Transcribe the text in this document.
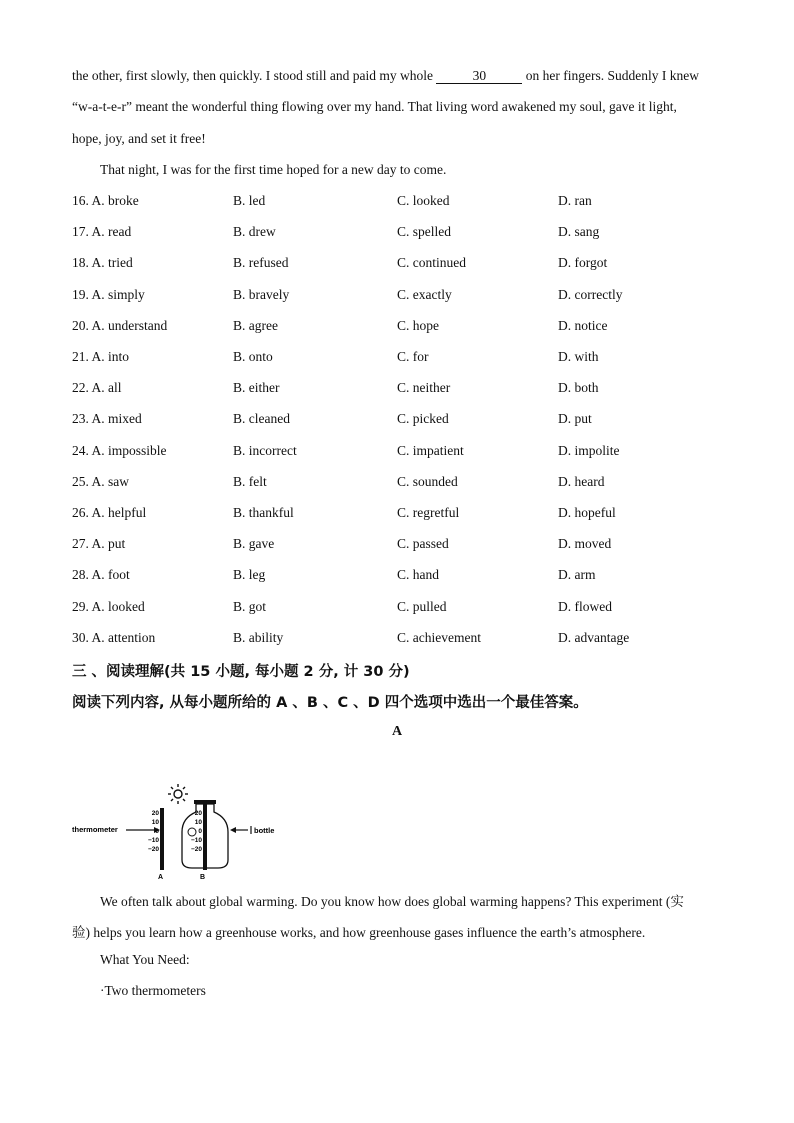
the other, first slowly, then quickly. I stood still and paid my whole	30	on her fingers. Suddenly I knew
“w-a-t-e-r” meant the wonderful thing flowing over my hand. That living word awakened my soul, gave it light,
hope, joy, and set it free!
That night, I was for the first time hoped for a new day to come.
16. A. broke	B. led	C. looked	D. ran
17. A. read	B. drew	C. spelled	D. sang
18. A. tried	B. refused	C. continued	D. forgot
19. A. simply	B. bravely	C. exactly	D. correctly
20. A. understand	B. agree	C. hope	D. notice
21. A. into	B. onto	C. for	D. with
22. A. all	B. either	C. neither	D. both
23. A. mixed	B. cleaned	C. picked	D. put
24. A. impossible	B. incorrect	C. impatient	D. impolite
25. A. saw	B. felt	C. sounded	D. heard
26. A. helpful	B. thankful	C. regretful	D. hopeful
27. A. put	B. gave	C. passed	D. moved
28. A. foot	B. leg	C. hand	D. arm
29. A. looked	B. got	C. pulled	D. flowed
30. A. attention	B. ability	C. achievement	D. advantage
三 、阅读理解(共 15 小题, 每小题 2 分, 计 30 分)
阅读下列内容, 从每小题所给的 A 、B 、C 、D 四个选项中选出一个最佳答案。
A
thermometer
20
10
0
−10
−20
A
20
10
0
−10
−20
B
bottle
We often talk about global warming. Do you know how does global warming happens? This experiment (实
验) helps you learn how a greenhouse works, and how greenhouse gases influence the earth’s atmosphere.
What You Need:
·Two thermometers
